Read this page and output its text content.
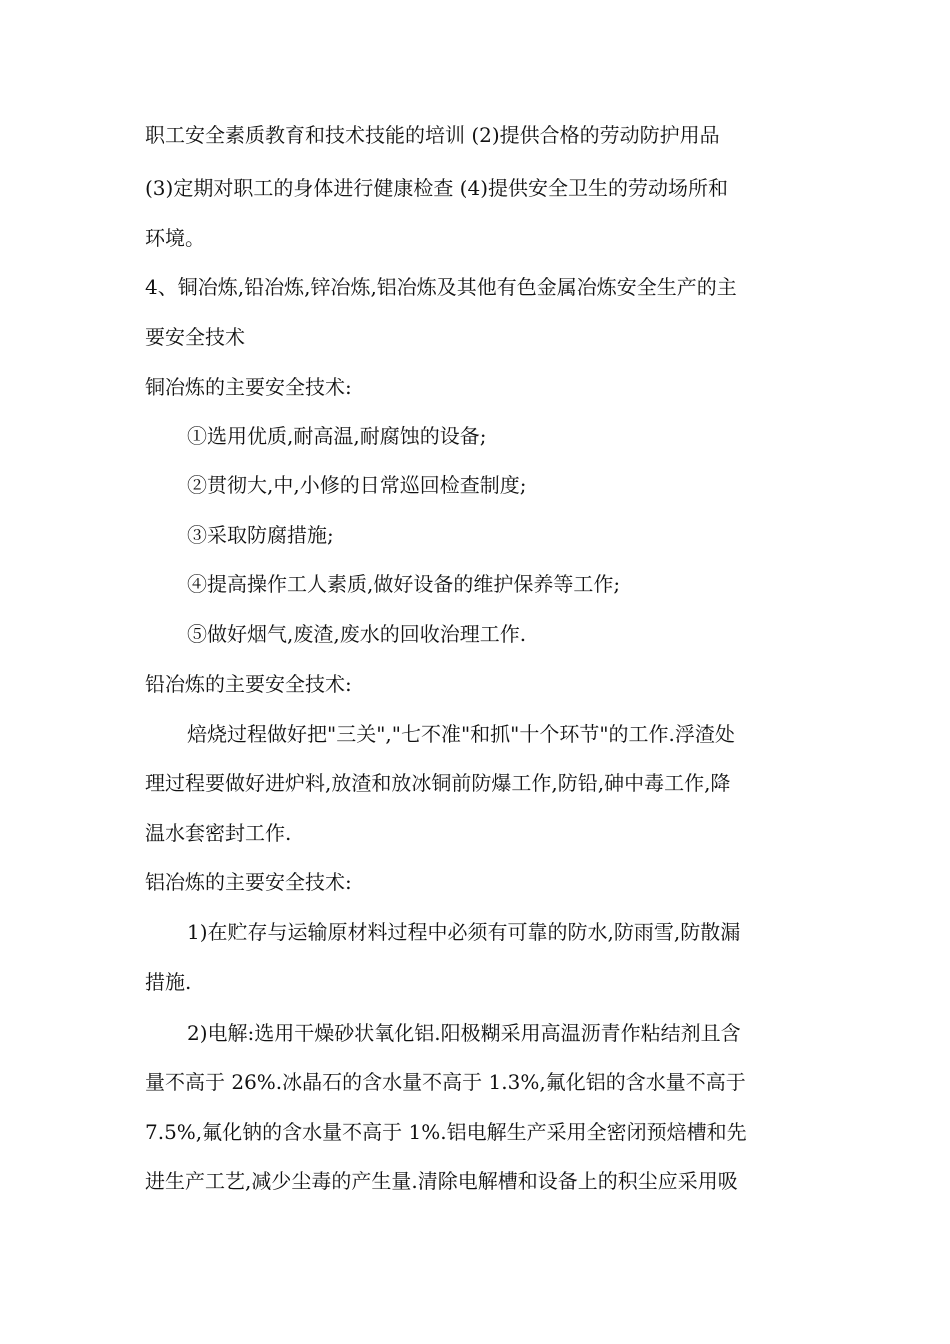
职工安全素质教育和技术技能的培训 (2)提供合格的劳动防护用品
(3)定期对职工的身体进行健康检查 (4)提供安全卫生的劳动场所和
环境。
4、铜冶炼,铅冶炼,锌冶炼,铝冶炼及其他有色金属冶炼安全生产的主
要安全技术
铜冶炼的主要安全技术:
①选用优质,耐高温,耐腐蚀的设备;
②贯彻大,中,小修的日常巡回检查制度;
③采取防腐措施;
④提高操作工人素质,做好设备的维护保养等工作;
⑤做好烟气,废渣,废水的回收治理工作.
铅冶炼的主要安全技术:
焙烧过程做好把"三关","七不准"和抓"十个环节"的工作.浮渣处
理过程要做好进炉料,放渣和放冰铜前防爆工作,防铅,砷中毒工作,降
温水套密封工作.
铝冶炼的主要安全技术:
1)在贮存与运输原材料过程中必须有可靠的防水,防雨雪,防散漏
措施.
2)电解:选用干燥砂状氧化铝.阳极糊采用高温沥青作粘结剂且含
量不高于 26%.冰晶石的含水量不高于 1.3%,氟化铝的含水量不高于
7.5%,氟化钠的含水量不高于 1%.铝电解生产采用全密闭预焙槽和先
进生产工艺,减少尘毒的产生量.清除电解槽和设备上的积尘应采用吸
